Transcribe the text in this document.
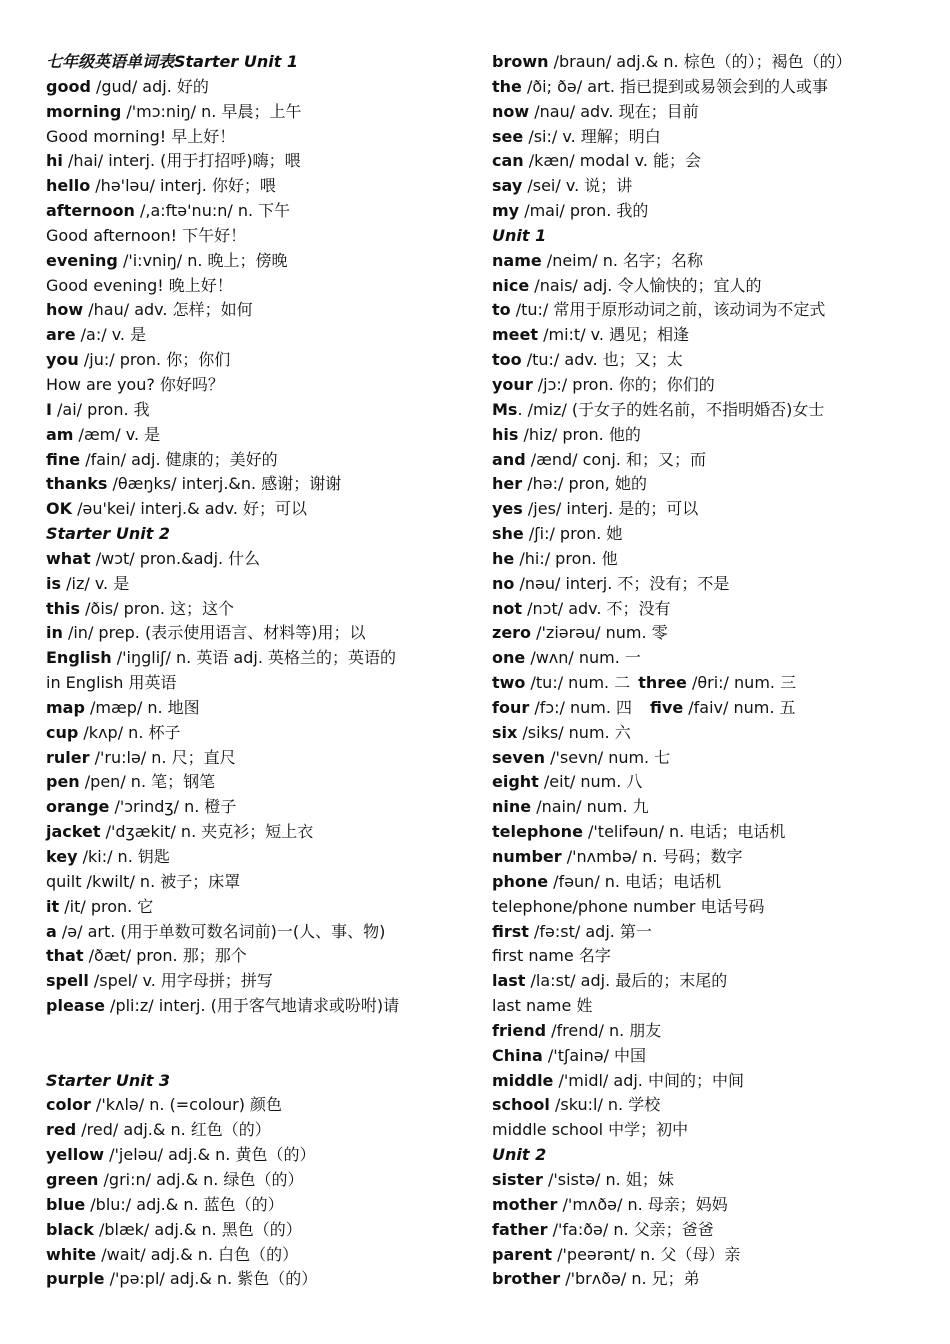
七年级英语单词表Starter Unit 1
good /gud/ adj. 好的
morning /'mɔ:niŋ/ n. 早晨；上午
Good morning! 早上好！
hi /hai/ interj. (用于打招呼)嗨；喂
hello /hə'ləu/ interj. 你好；喂
afternoon /,a:ftə'nu:n/ n. 下午
Good afternoon! 下午好！
evening /'i:vniŋ/ n. 晚上；傍晚
Good evening! 晚上好！
how /hau/ adv. 怎样；如何
are /a:/ v. 是
you /ju:/ pron. 你；你们
How are you? 你好吗？
I /ai/ pron. 我
am /æm/ v. 是
fine /fain/ adj. 健康的；美好的
thanks /θæŋks/ interj.&n. 感谢；谢谢
OK /əu'kei/ interj.& adv. 好；可以
Starter Unit 2
what /wɔt/ pron.&adj. 什么
is /iz/ v. 是
this /ðis/ pron. 这；这个
in /in/ prep. (表示使用语言、材料等)用；以
English /'iŋgliʃ/ n. 英语 adj. 英格兰的；英语的
in English 用英语
map /mæp/ n. 地图
cup /kʌp/ n. 杯子
ruler /'ru:lə/ n. 尺；直尺
pen /pen/ n. 笔；钢笔
orange /'ɔrindʒ/ n. 橙子
jacket /'dʒækit/ n. 夹克衫；短上衣
key /ki:/ n. 钥匙
quilt /kwilt/ n. 被子；床罩
it /it/ pron. 它
a /ə/ art. (用于单数可数名词前)一(人、事、物)
that /ðæt/ pron. 那；那个
spell /spel/ v. 用字母拼；拼写
please /pli:z/ interj. (用于客气地请求或吩咐)请
Starter Unit 3
color /'kʌlə/ n. (=colour) 颜色
red /red/ adj.& n. 红色（的）
yellow /'jeləu/ adj.& n. 黄色（的）
green /gri:n/ adj.& n. 绿色（的）
blue /blu:/ adj.& n. 蓝色（的）
black /blæk/ adj.& n. 黑色（的）
white /wait/ adj.& n. 白色（的）
purple /'pə:pl/ adj.& n. 紫色（的）
brown /braun/ adj.& n. 棕色（的）；褐色（的）
the /ði; ðə/ art. 指已提到或易领会到的人或事
now /nau/ adv. 现在；目前
see /si:/ v. 理解；明白
can /kæn/ modal v. 能；会
say /sei/ v. 说；讲
my /mai/ pron. 我的
Unit 1
name /neim/ n. 名字；名称
nice /nais/ adj. 令人愉快的；宜人的
to /tu:/ 常用于原形动词之前，该动词为不定式
meet /mi:t/ v. 遇见；相逢
too /tu:/ adv. 也；又；太
your /jɔ:/ pron. 你的；你们的
Ms. /miz/ (于女子的姓名前，不指明婚否)女士
his /hiz/ pron. 他的
and /ænd/ conj. 和；又；而
her /hə:/ pron, 她的
yes /jes/ interj. 是的；可以
she /ʃi:/ pron. 她
he /hi:/ pron. 他
no /nəu/ interj. 不；没有；不是
not /nɔt/ adv. 不；没有
zero /'ziərəu/ num. 零
one /wʌn/ num. 一
two /tu:/ num. 二 three /θri:/ num. 三
four /fɔ:/ num. 四 five /faiv/ num. 五
six /siks/ num. 六
seven /'sevn/ num. 七
eight /eit/ num. 八
nine /nain/ num. 九
telephone /'telifəun/ n. 电话；电话机
number /'nʌmbə/ n. 号码；数字
phone /fəun/ n. 电话；电话机
telephone/phone number 电话号码
first /fə:st/ adj. 第一
first name 名字
last /la:st/ adj. 最后的；末尾的
last name 姓
friend /frend/ n. 朋友
China /'tʃainə/ 中国
middle /'midl/ adj. 中间的；中间
school /sku:l/ n. 学校
middle school 中学；初中
Unit 2
sister /'sistə/ n. 姐；妹
mother /'mʌðə/ n. 母亲；妈妈
father /'fa:ðə/ n. 父亲；爸爸
parent /'peərənt/ n. 父（母）亲
brother /'brʌðə/ n. 兄；弟
